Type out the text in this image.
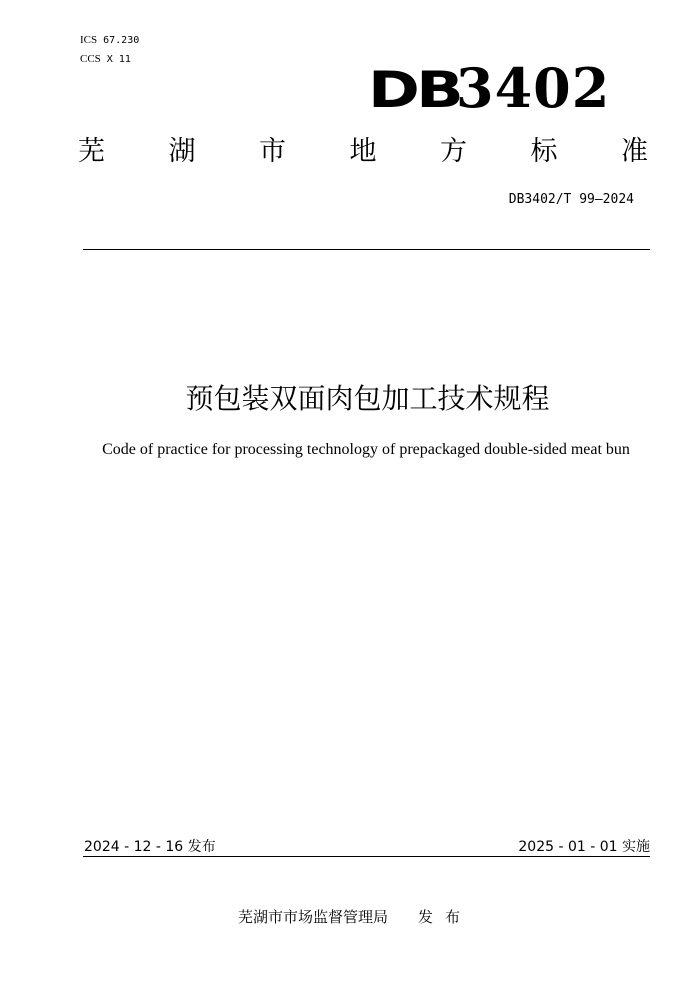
ICS 67.230
CCS X 11
DB
3402
芜 湖 市 地 方 标 准
DB3402/T 99—2024
预包装双面肉包加工技术规程
Code of practice for processing technology of prepackaged double-sided meat bun
2024 - 12 - 16 发布	2025 - 01 - 01 实施
芜湖市市场监督管理局 发布
